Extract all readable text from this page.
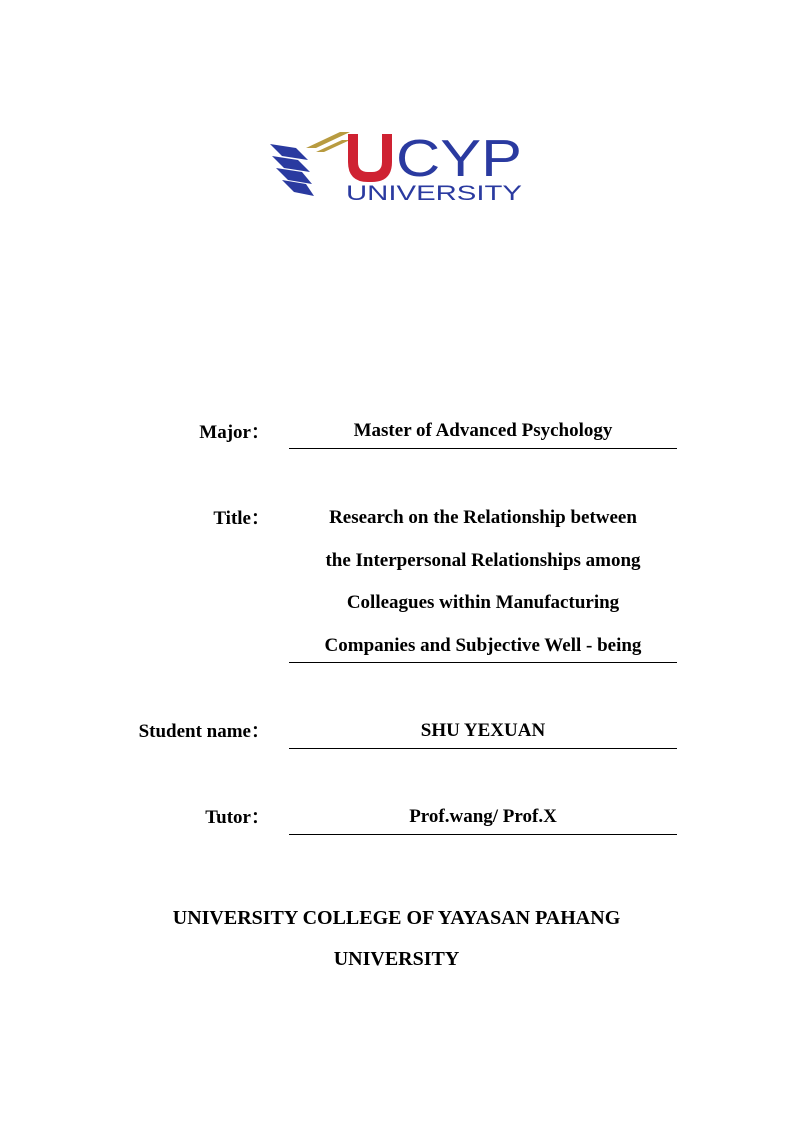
CYP
UNIVERSITY
Major：	Master of Advanced Psychology
Title：	Research on the Relationship between
the Interpersonal Relationships among
Colleagues within Manufacturing
Companies and Subjective Well - being
Student name：	SHU YEXUAN
Tutor：	Prof.wang/ Prof.X
UNIVERSITY COLLEGE OF YAYASAN PAHANG
UNIVERSITY
